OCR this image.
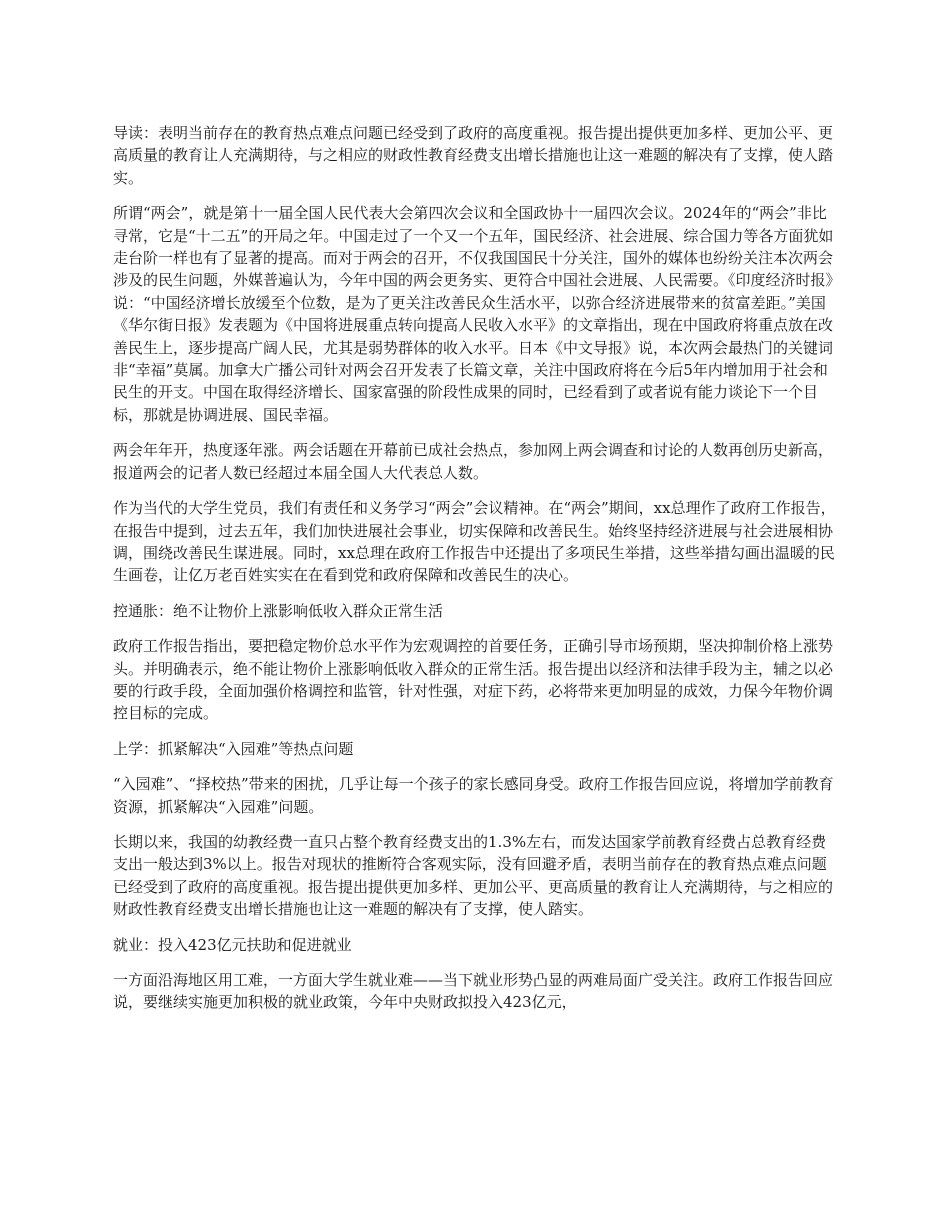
导读：表明当前存在的教育热点难点问题已经受到了政府的高度重视。报告提出提供更加多样、更加公平、更高质量的教育让人充满期待，与之相应的财政性教育经费支出增长措施也让这一难题的解决有了支撑，使人踏实。

所谓“两会”，就是第十一届全国人民代表大会第四次会议和全国政协十一届四次会议。2024年的“两会”非比寻常，它是“十二五”的开局之年。中国走过了一个又一个五年，国民经济、社会进展、综合国力等各方面犹如走台阶一样也有了显著的提高。而对于两会的召开，不仅我国国民十分关注，国外的媒体也纷纷关注本次两会涉及的民生问题，外媒普遍认为，今年中国的两会更务实、更符合中国社会进展、人民需要。《印度经济时报》说：“中国经济增长放缓至个位数，是为了更关注改善民众生活水平，以弥合经济进展带来的贫富差距。”美国《华尔街日报》发表题为《中国将进展重点转向提高人民收入水平》的文章指出，现在中国政府将重点放在改善民生上，逐步提高广阔人民，尤其是弱势群体的收入水平。日本《中文导报》说，本次两会最热门的关键词非“幸福”莫属。加拿大广播公司针对两会召开发表了长篇文章，关注中国政府将在今后5年内增加用于社会和民生的开支。中国在取得经济增长、国家富强的阶段性成果的同时，已经看到了或者说有能力谈论下一个目标，那就是协调进展、国民幸福。

两会年年开，热度逐年涨。两会话题在开幕前已成社会热点，参加网上两会调查和讨论的人数再创历史新高，报道两会的记者人数已经超过本届全国人大代表总人数。

作为当代的大学生党员，我们有责任和义务学习“两会”会议精神。在“两会”期间，xx总理作了政府工作报告，在报告中提到，过去五年，我们加快进展社会事业，切实保障和改善民生。始终坚持经济进展与社会进展相协调，围绕改善民生谋进展。同时，xx总理在政府工作报告中还提出了多项民生举措，这些举措勾画出温暖的民生画卷，让亿万老百姓实实在在看到党和政府保障和改善民生的决心。

控通胀：绝不让物价上涨影响低收入群众正常生活

政府工作报告指出，要把稳定物价总水平作为宏观调控的首要任务，正确引导市场预期，坚决抑制价格上涨势头。并明确表示，绝不能让物价上涨影响低收入群众的正常生活。报告提出以经济和法律手段为主，辅之以必要的行政手段，全面加强价格调控和监管，针对性强，对症下药，必将带来更加明显的成效，力保今年物价调控目标的完成。

上学：抓紧解决“入园难”等热点问题

“入园难”、“择校热”带来的困扰，几乎让每一个孩子的家长感同身受。政府工作报告回应说，将增加学前教育资源，抓紧解决“入园难”问题。

长期以来，我国的幼教经费一直只占整个教育经费支出的1.3%左右，而发达国家学前教育经费占总教育经费支出一般达到3%以上。报告对现状的推断符合客观实际，没有回避矛盾，表明当前存在的教育热点难点问题已经受到了政府的高度重视。报告提出提供更加多样、更加公平、更高质量的教育让人充满期待，与之相应的财政性教育经费支出增长措施也让这一难题的解决有了支撑，使人踏实。

就业：投入423亿元扶助和促进就业

一方面沿海地区用工难，一方面大学生就业难——当下就业形势凸显的两难局面广受关注。政府工作报告回应说，要继续实施更加积极的就业政策，今年中央财政拟投入423亿元，
